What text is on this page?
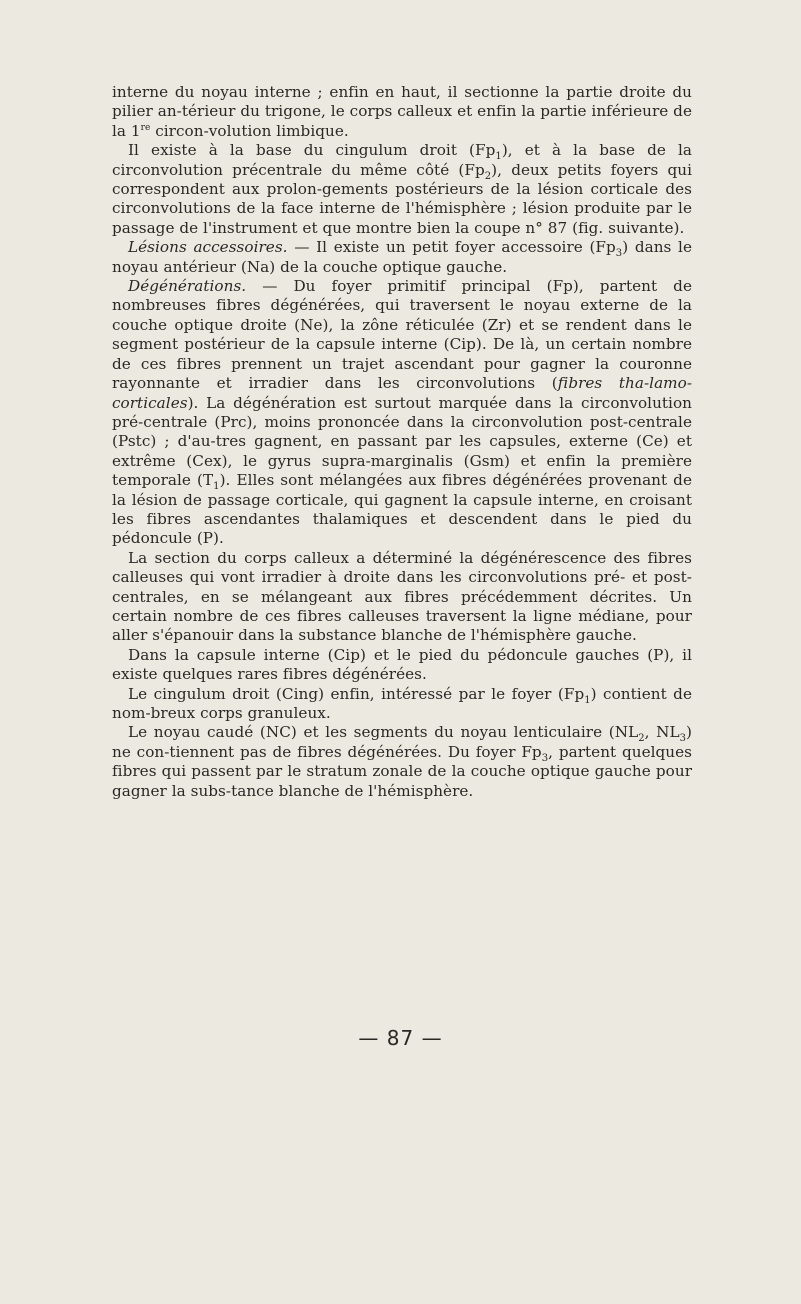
interne du noyau interne ; enfin en haut, il sectionne la partie droite du pilier an-térieur du trigone, le corps calleux et enfin la partie inférieure de la 1re circon-volution limbique.

Il existe à la base du cingulum droit $(Fp_1)$, et à la base de la circonvolution précentrale du même côté $(Fp_2)$, deux petits foyers qui correspondent aux prolon-gements postérieurs de la lésion corticale des circonvolutions de la face interne de l'hémisphère ; lésion produite par le passage de l'instrument et que montre bien la coupe n° 87 (fig. suivante).

Lésions accessoires. — Il existe un petit foyer accessoire $(Fp_3)$ dans le noyau antérieur (Na) de la couche optique gauche.

Dégénérations. — Du foyer primitif principal (Fp), partent de nombreuses fibres dégénérées, qui traversent le noyau externe de la couche optique droite (Ne), la zône réticulée (Zr) et se rendent dans le segment postérieur de la capsule interne (Cip). De là, un certain nombre de ces fibres prennent un trajet ascendant pour gagner la couronne rayonnante et irradier dans les circonvolutions (fibres tha-lamo-corticales). La dégénération est surtout marquée dans la circonvolution pré-centrale (Prc), moins prononcée dans la circonvolution post-centrale (Pstc) ; d'au-tres gagnent, en passant par les capsules, externe (Ce) et extrême (Cex), le gyrus supra-marginalis (Gsm) et enfin la première temporale $(T_1)$. Elles sont mélangées aux fibres dégénérées provenant de la lésion de passage corticale, qui gagnent la capsule interne, en croisant les fibres ascendantes thalamiques et descendent dans le pied du pédoncule (P).

La section du corps calleux a déterminé la dégénérescence des fibres calleuses qui vont irradier à droite dans les circonvolutions pré- et post-centrales, en se mélangeant aux fibres précédemment décrites. Un certain nombre de ces fibres calleuses traversent la ligne médiane, pour aller s'épanouir dans la substance blanche de l'hémisphère gauche.

Dans la capsule interne (Cip) et le pied du pédoncule gauches (P), il existe quelques rares fibres dégénérées.

Le cingulum droit (Cing) enfin, intéressé par le foyer $(Fp_1)$ contient de nom-breux corps granuleux.

Le noyau caudé (NC) et les segments du noyau lenticulaire ($NL_2$, $NL_3$) ne con-tiennent pas de fibres dégénérées. Du foyer $Fp_3$, partent quelques fibres qui passent par le stratum zonale de la couche optique gauche pour gagner la subs-tance blanche de l'hémisphère.

— 87 —
